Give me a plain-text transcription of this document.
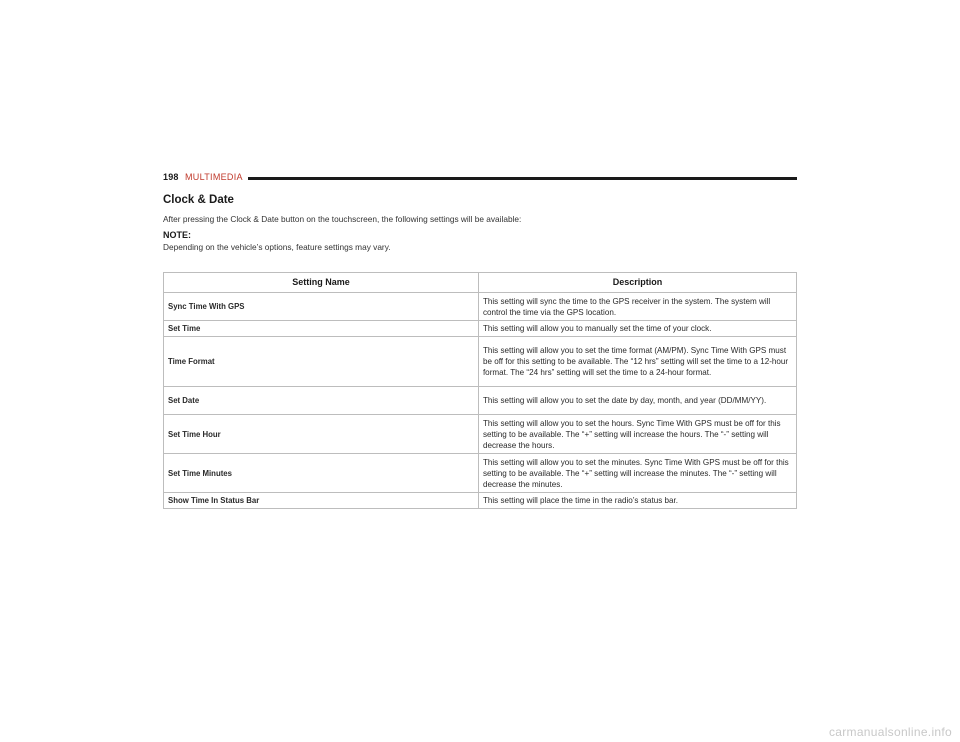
198 MULTIMEDIA
Clock & Date
After pressing the Clock & Date button on the touchscreen, the following settings will be available:
NOTE:
Depending on the vehicle’s options, feature settings may vary.
Setting Name	Description
Sync Time With GPS	This setting will sync the time to the GPS receiver in the system. The system will control the time via the GPS location.
Set Time	This setting will allow you to manually set the time of your clock.
Time Format	This setting will allow you to set the time format (AM/PM). Sync Time With GPS must be off for this setting to be available. The “12 hrs” setting will set the time to a 12-hour format. The “24 hrs” setting will set the time to a 24-hour format.
Set Date	This setting will allow you to set the date by day, month, and year (DD/MM/YY).
Set Time Hour	This setting will allow you to set the hours. Sync Time With GPS must be off for this setting to be available. The “+” setting will increase the hours. The “-” setting will decrease the hours.
Set Time Minutes	This setting will allow you to set the minutes. Sync Time With GPS must be off for this setting to be available. The “+” setting will increase the minutes. The “-” setting will decrease the minutes.
Show Time In Status Bar	This setting will place the time in the radio’s status bar.
carmanualsonline.info
